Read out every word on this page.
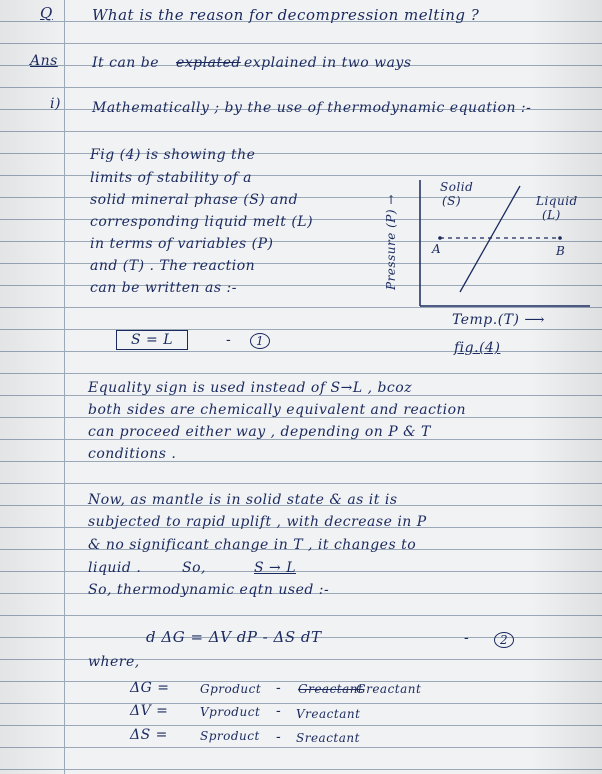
Q	What is the reason for decompression melting ?
Ans It can be explated explained in two ways
i) Mathematically ; by the use of thermodynamic equation :-
Fig (4) is showing the
limits of stability of a
solid mineral phase (S) and
corresponding liquid melt (L)
in terms of variables (P)
and (T) . The reaction
can be written as :-
S = L	-	1
Pressure (P) →
Solid
(S)	Liquid
(L)
A	B
Temp.(T) ⟶
fig.(4)
Equality sign is used instead of S→L , bcoz
both sides are chemically equivalent and reaction
can proceed either way , depending on P & T
conditions .
Now, as mantle is in solid state & as it is
subjected to rapid uplift , with decrease in P
& no significant change in T , it changes to
liquid .	So,	S → L
So, thermodynamic eqtn used :-
d ΔG = ΔV dP - ΔS dT	-	2
where,
ΔG =	Gproduct - Greactant
Greactant
ΔV =	Vproduct - Vreactant
ΔS =	Sproduct - Sreactant
